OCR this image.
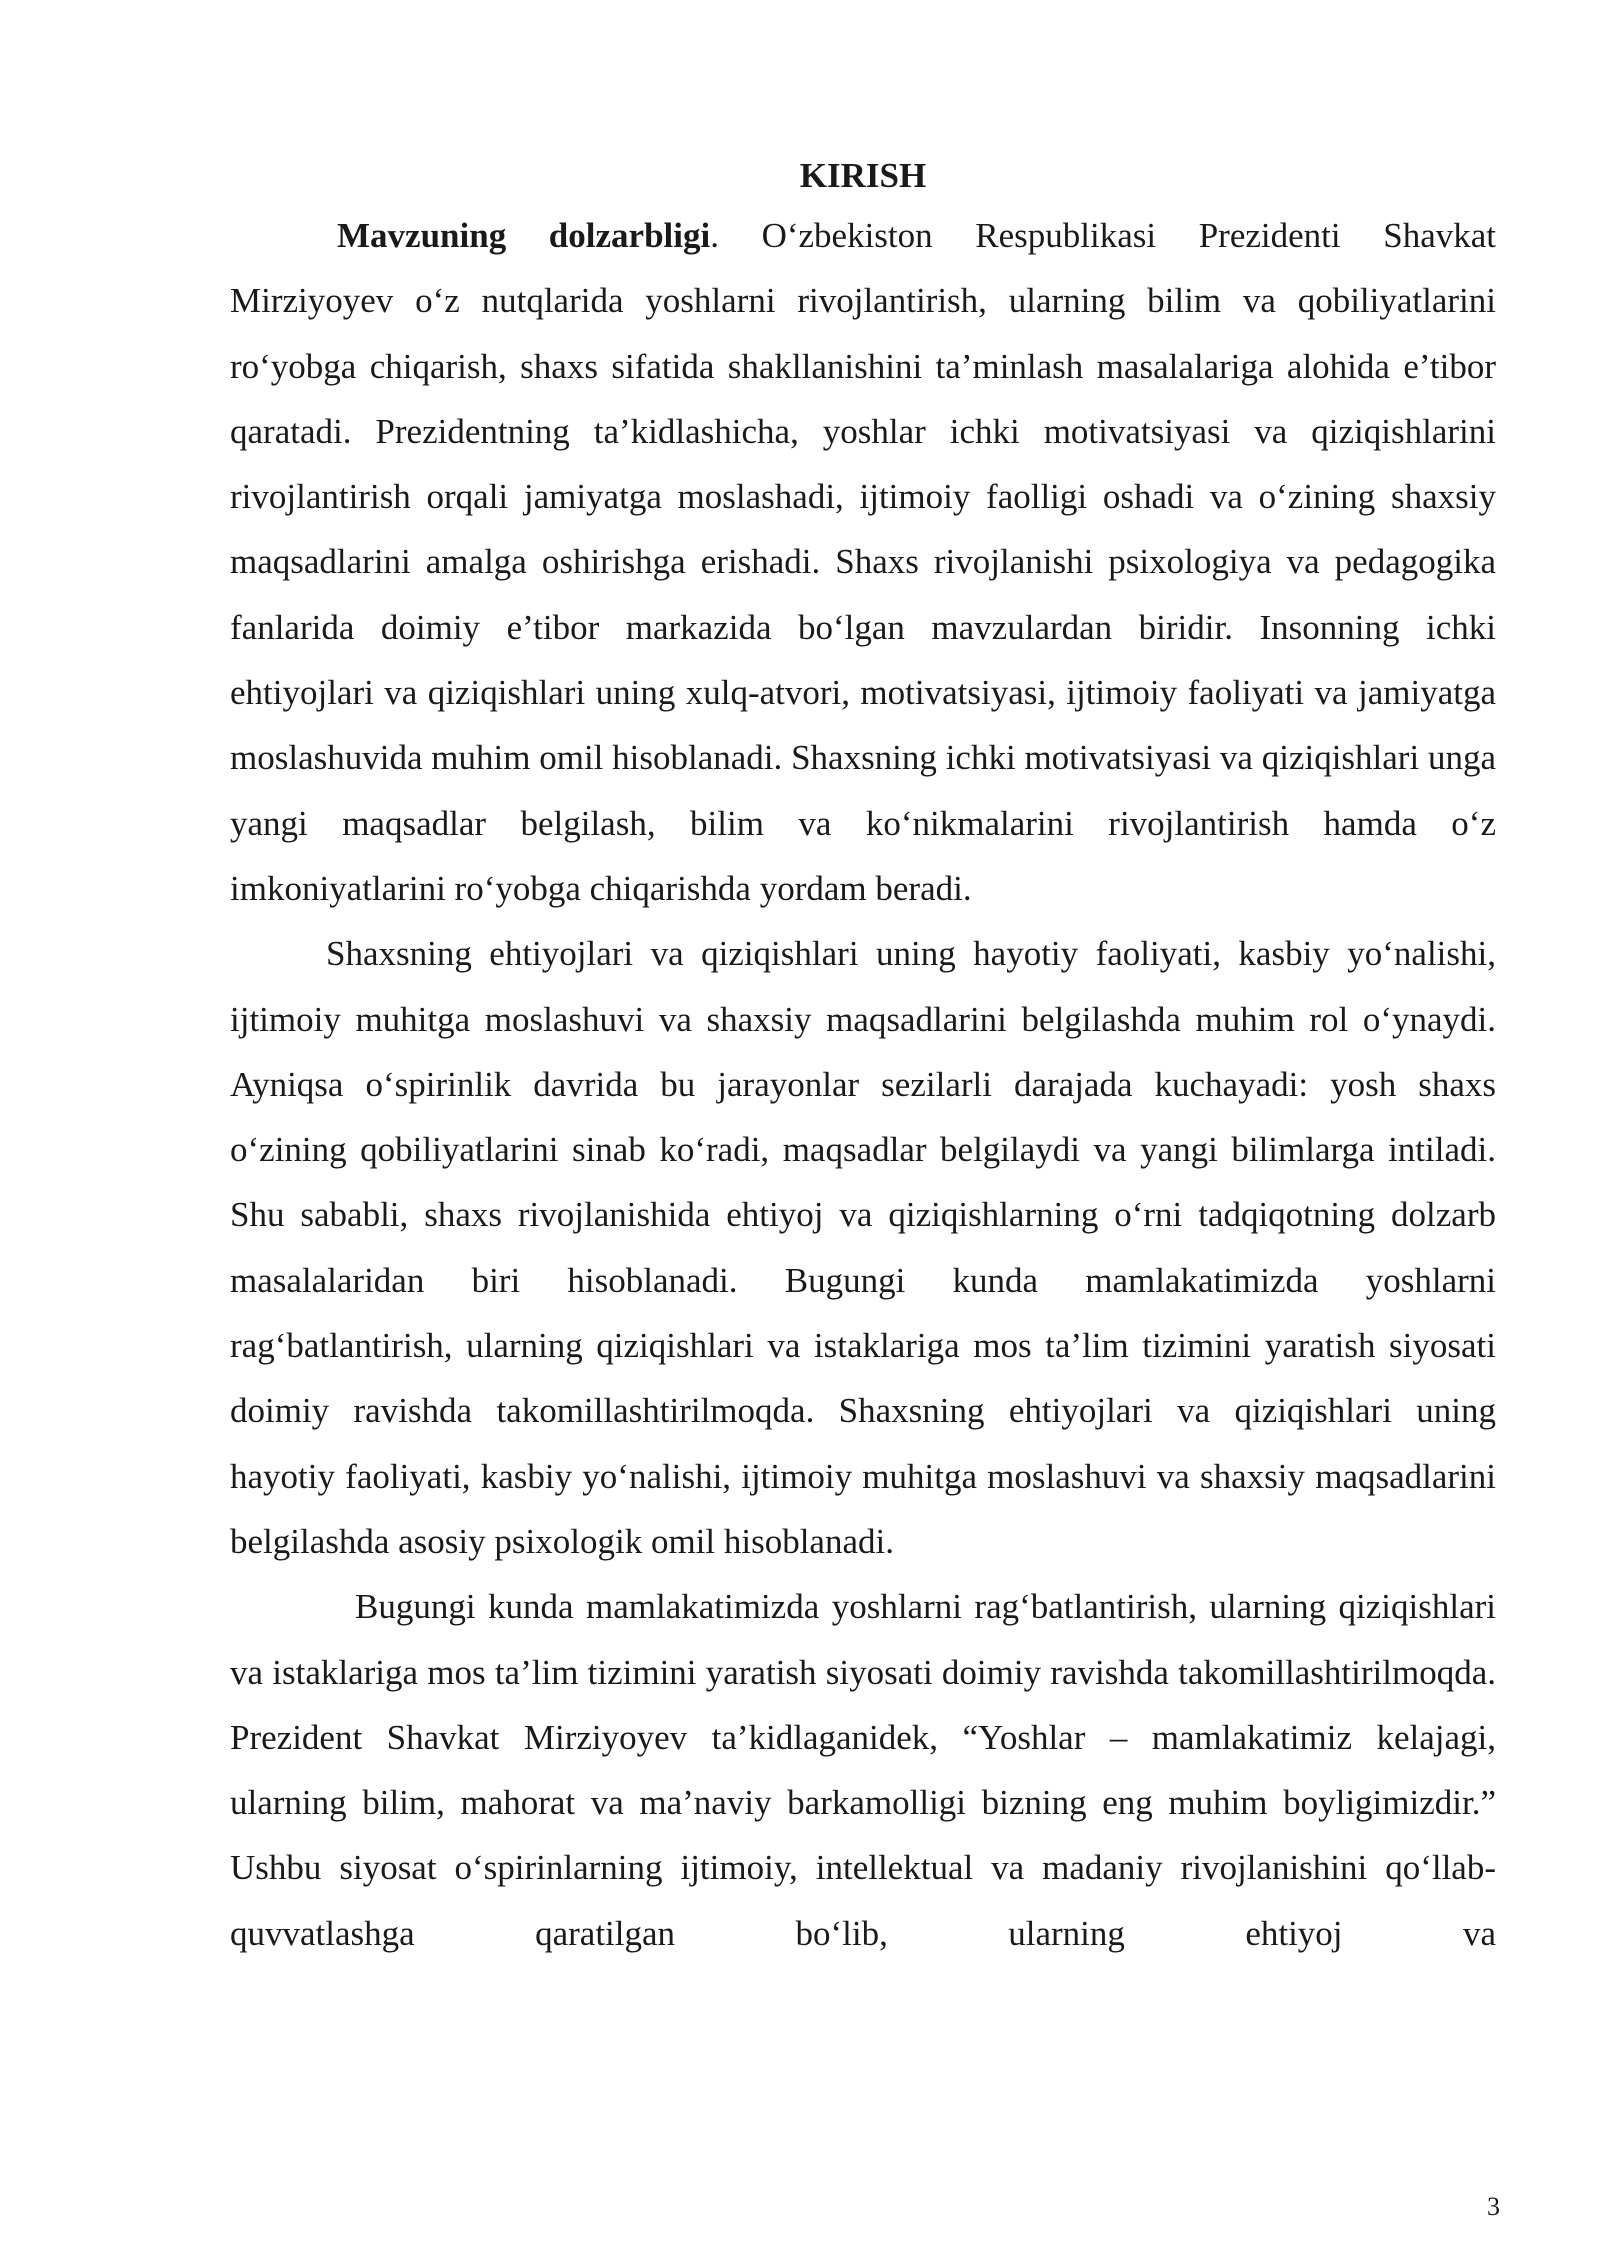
KIRISH

Mavzuning dolzarbligi. O‘zbekiston Respublikasi Prezidenti Shavkat Mirziyoyev o‘z nutqlarida yoshlarni rivojlantirish, ularning bilim va qobiliyatlarini ro‘yobga chiqarish, shaxs sifatida shakllanishini ta’minlash masalalariga alohida e’tibor qaratadi. Prezidentning ta’kidlashicha, yoshlar ichki motivatsiyasi va qiziqishlarini rivojlantirish orqali jamiyatga moslashadi, ijtimoiy faolligi oshadi va o‘zining shaxsiy maqsadlarini amalga oshirishga erishadi. Shaxs rivojlanishi psixologiya va pedagogika fanlarida doimiy e’tibor markazida bo‘lgan mavzulardan biridir. Insonning ichki ehtiyojlari va qiziqishlari uning xulq-atvori, motivatsiyasi, ijtimoiy faoliyati va jamiyatga moslashuvida muhim omil hisoblanadi. Shaxsning ichki motivatsiyasi va qiziqishlari unga yangi maqsadlar belgilash, bilim va ko‘nikmalarini rivojlantirish hamda o‘z imkoniyatlarini ro‘yobga chiqarishda yordam beradi.

Shaxsning ehtiyojlari va qiziqishlari uning hayotiy faoliyati, kasbiy yo‘nalishi, ijtimoiy muhitga moslashuvi va shaxsiy maqsadlarini belgilashda muhim rol o‘ynaydi. Ayniqsa o‘spirinlik davrida bu jarayonlar sezilarli darajada kuchayadi: yosh shaxs o‘zining qobiliyatlarini sinab ko‘radi, maqsadlar belgilaydi va yangi bilimlarga intiladi. Shu sababli, shaxs rivojlanishida ehtiyoj va qiziqishlarning o‘rni tadqiqotning dolzarb masalalaridan biri hisoblanadi. Bugungi kunda mamlakatimizda yoshlarni rag‘batlantirish, ularning qiziqishlari va istaklariga mos ta’lim tizimini yaratish siyosati doimiy ravishda takomillashtirilmoqda. Shaxsning ehtiyojlari va qiziqishlari uning hayotiy faoliyati, kasbiy yo‘nalishi, ijtimoiy muhitga moslashuvi va shaxsiy maqsadlarini belgilashda asosiy psixologik omil hisoblanadi.

Bugungi kunda mamlakatimizda yoshlarni rag‘batlantirish, ularning qiziqishlari va istaklariga mos ta’lim tizimini yaratish siyosati doimiy ravishda takomillashtirilmoqda. Prezident Shavkat Mirziyoyev ta’kidlaganidek, “Yoshlar – mamlakatimiz kelajagi, ularning bilim, mahorat va ma’naviy barkamolligi bizning eng muhim boyligimizdir.” Ushbu siyosat o‘spirinlarning ijtimoiy, intellektual va madaniy rivojlanishini qo‘llab-quvvatlashga qaratilgan bo‘lib, ularning ehtiyoj va

3
